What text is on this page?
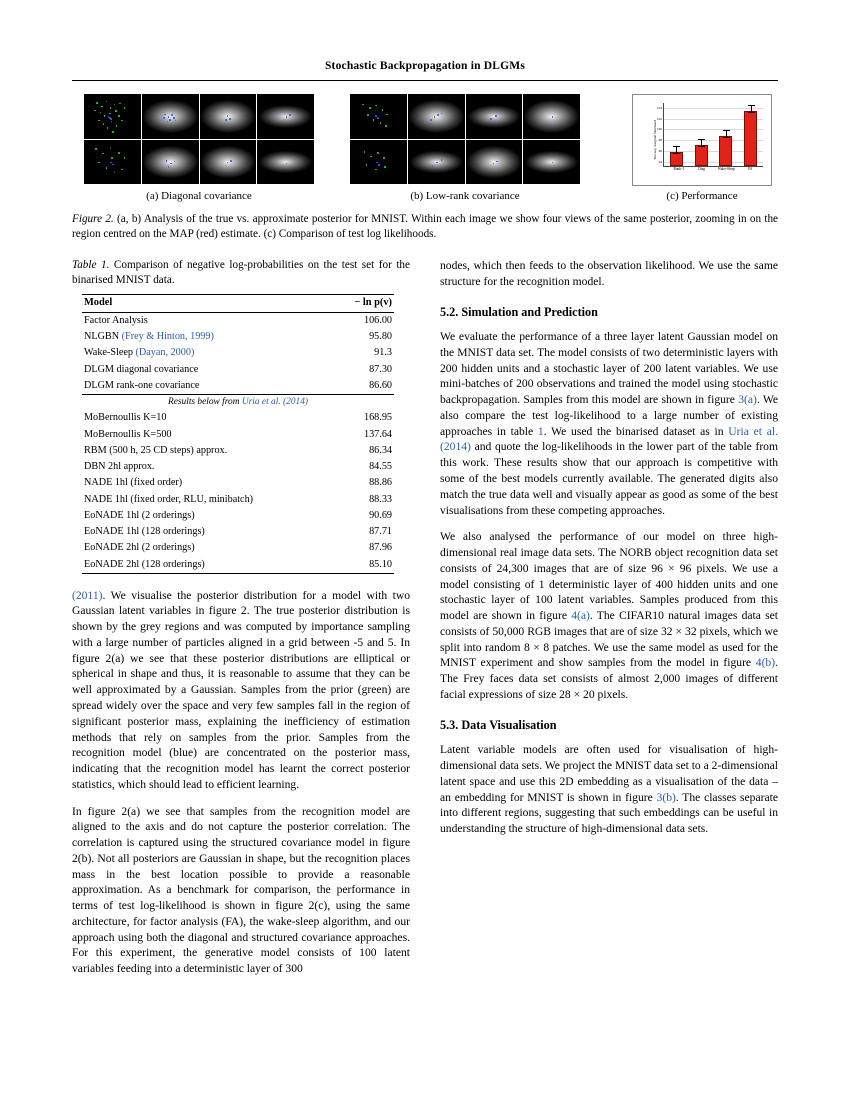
Stochastic Backpropagation in DLGMs
Test neg. marginal likelihood
104
102
100
98
96
94
Rank-1	Diag	Wake-Sleep	FA
(a) Diagonal covariance	(b) Low-rank covariance	(c) Performance
Figure 2. (a, b) Analysis of the true vs. approximate posterior for MNIST. Within each image we show four views of the same posterior, zooming in on the region centred on the MAP (red) estimate. (c) Comparison of test log likelihoods.
Table 1. Comparison of negative log-probabilities on the test set for the binarised MNIST data.
Model	− ln p(v)
Factor Analysis	106.00
NLGBN (Frey & Hinton, 1999)	95.80
Wake-Sleep (Dayan, 2000)	91.3
DLGM diagonal covariance	87.30
DLGM rank-one covariance	86.60
Results below from Uria et al. (2014)	
MoBernoullis K=10	168.95
MoBernoullis K=500	137.64
RBM (500 h, 25 CD steps) approx.	86.34
DBN 2hl approx.	84.55
NADE 1hl (fixed order)	88.86
NADE 1hl (fixed order, RLU, minibatch)	88.33
EoNADE 1hl (2 orderings)	90.69
EoNADE 1hl (128 orderings)	87.71
EoNADE 2hl (2 orderings)	87.96
EoNADE 2hl (128 orderings)	85.10

(2011). We visualise the posterior distribution for a model with two Gaussian latent variables in figure 2. The true posterior distribution is shown by the grey regions and was computed by importance sampling with a large number of particles aligned in a grid between -5 and 5. In figure 2(a) we see that these posterior distributions are elliptical or spherical in shape and thus, it is reasonable to assume that they can be well approximated by a Gaussian. Samples from the prior (green) are spread widely over the space and very few samples fall in the region of significant posterior mass, explaining the inefficiency of estimation methods that rely on samples from the prior. Samples from the recognition model (blue) are concentrated on the posterior mass, indicating that the recognition model has learnt the correct posterior statistics, which should lead to efficient learning.

In figure 2(a) we see that samples from the recognition model are aligned to the axis and do not capture the posterior correlation. The correlation is captured using the structured covariance model in figure 2(b). Not all posteriors are Gaussian in shape, but the recognition places mass in the best location possible to provide a reasonable approximation. As a benchmark for comparison, the performance in terms of test log-likelihood is shown in figure 2(c), using the same architecture, for factor analysis (FA), the wake-sleep algorithm, and our approach using both the diagonal and structured covariance approaches. For this experiment, the generative model consists of 100 latent variables feeding into a deterministic layer of 300

nodes, which then feeds to the observation likelihood. We use the same structure for the recognition model.

5.2. Simulation and Prediction

We evaluate the performance of a three layer latent Gaussian model on the MNIST data set. The model consists of two deterministic layers with 200 hidden units and a stochastic layer of 200 latent variables. We use mini-batches of 200 observations and trained the model using stochastic backpropagation. Samples from this model are shown in figure 3(a). We also compare the test log-likelihood to a large number of existing approaches in table 1. We used the binarised dataset as in Uria et al. (2014) and quote the log-likelihoods in the lower part of the table from this work. These results show that our approach is competitive with some of the best models currently available. The generated digits also match the true data well and visually appear as good as some of the best visualisations from these competing approaches.

We also analysed the performance of our model on three high-dimensional real image data sets. The NORB object recognition data set consists of 24,300 images that are of size 96 × 96 pixels. We use a model consisting of 1 deterministic layer of 400 hidden units and one stochastic layer of 100 latent variables. Samples produced from this model are shown in figure 4(a). The CIFAR10 natural images data set consists of 50,000 RGB images that are of size 32 × 32 pixels, which we split into random 8 × 8 patches. We use the same model as used for the MNIST experiment and show samples from the model in figure 4(b). The Frey faces data set consists of almost 2,000 images of different facial expressions of size 28 × 20 pixels.

5.3. Data Visualisation

Latent variable models are often used for visualisation of high-dimensional data sets. We project the MNIST data set to a 2-dimensional latent space and use this 2D embedding as a visualisation of the data – an embedding for MNIST is shown in figure 3(b). The classes separate into different regions, suggesting that such embeddings can be useful in understanding the structure of high-dimensional data sets.
